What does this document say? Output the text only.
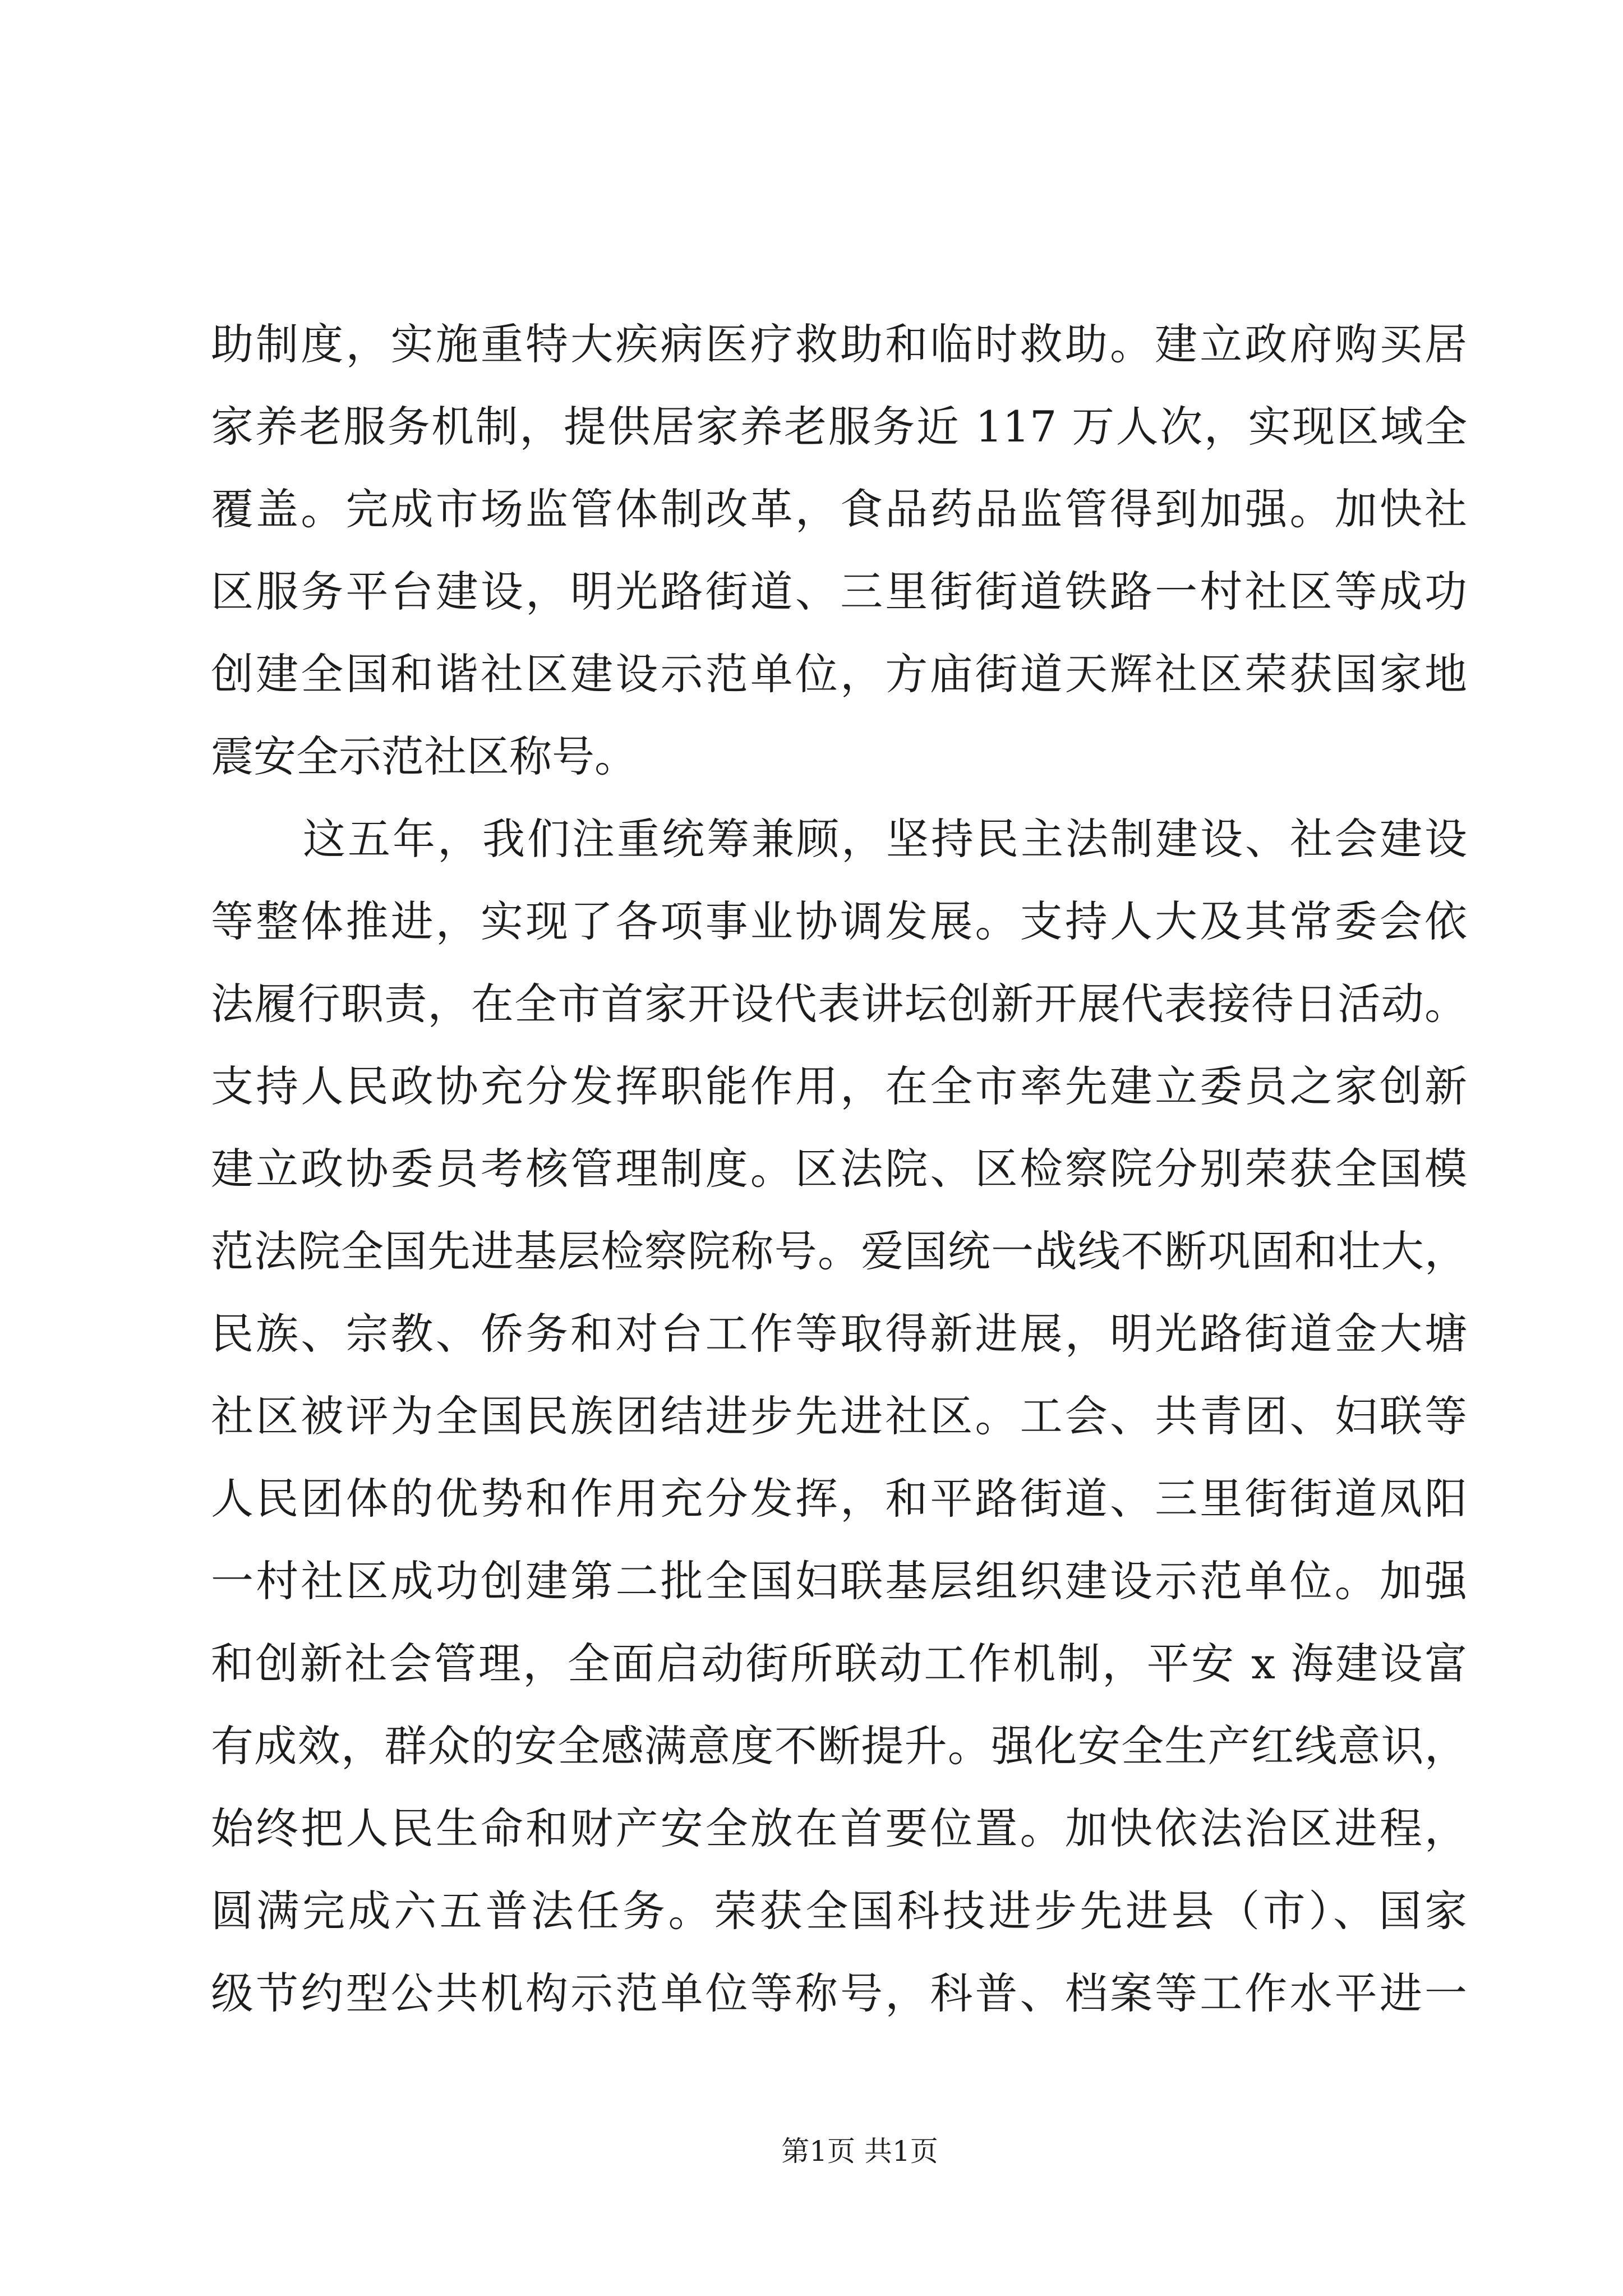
助制度，实施重特大疾病医疗救助和临时救助。建立政府购买居
家养老服务机制，提供居家养老服务近 117 万人次，实现区域全
覆盖。完成市场监管体制改革，食品药品监管得到加强。加快社
区服务平台建设，明光路街道、三里街街道铁路一村社区等成功
创建全国和谐社区建设示范单位，方庙街道天辉社区荣获国家地
震安全示范社区称号。
这五年，我们注重统筹兼顾，坚持民主法制建设、社会建设
等整体推进，实现了各项事业协调发展。支持人大及其常委会依
法履行职责，在全市首家开设代表讲坛创新开展代表接待日活动。
支持人民政协充分发挥职能作用，在全市率先建立委员之家创新
建立政协委员考核管理制度。区法院、区检察院分别荣获全国模
范法院全国先进基层检察院称号。爱国统一战线不断巩固和壮大，
民族、宗教、侨务和对台工作等取得新进展，明光路街道金大塘
社区被评为全国民族团结进步先进社区。工会、共青团、妇联等
人民团体的优势和作用充分发挥，和平路街道、三里街街道凤阳
一村社区成功创建第二批全国妇联基层组织建设示范单位。加强
和创新社会管理，全面启动街所联动工作机制，平安 x 海建设富
有成效，群众的安全感满意度不断提升。强化安全生产红线意识，
始终把人民生命和财产安全放在首要位置。加快依法治区进程，
圆满完成六五普法任务。荣获全国科技进步先进县（市）、国家
级节约型公共机构示范单位等称号，科普、档案等工作水平进一
第1页 共1页
